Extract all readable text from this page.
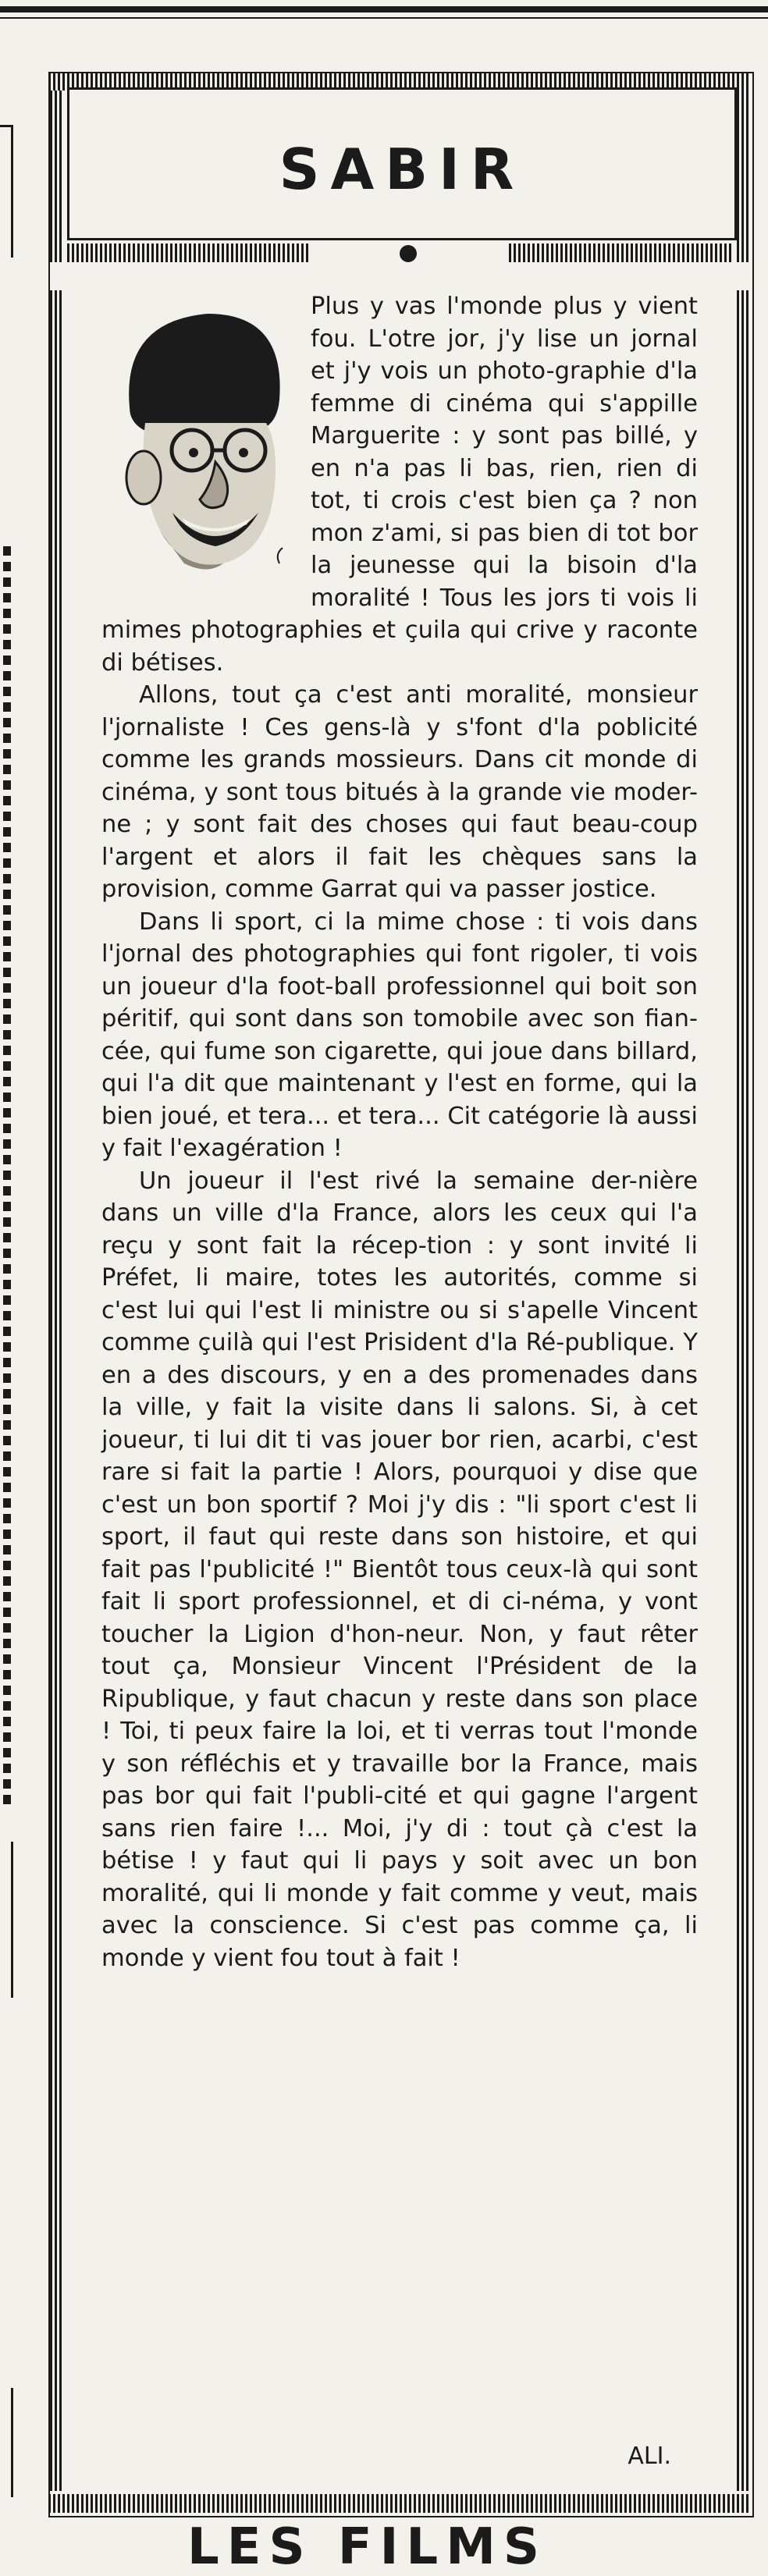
SABIR

Plus y vas l'monde plus y vient fou. L'otre jor, j'y lise un jornal et j'y vois un photo-graphie d'la femme di cinéma qui s'appille Marguerite : y sont pas billé, y en n'a pas li bas, rien, rien di tot, ti crois c'est bien ça ? non mon z'ami, si pas bien di tot bor la jeunesse qui la bisoin d'la moralité ! Tous les jors ti vois li mimes photographies et çuila qui crive y raconte di bétises.

Allons, tout ça c'est anti moralité, monsieur l'jornaliste ! Ces gens-là y s'font d'la poblicité comme les grands mossieurs. Dans cit monde di cinéma, y sont tous bitués à la grande vie moder-ne ; y sont fait des choses qui faut beau-coup l'argent et alors il fait les chèques sans la provision, comme Garrat qui va passer jostice.

Dans li sport, ci la mime chose : ti vois dans l'jornal des photographies qui font rigoler, ti vois un joueur d'la foot-ball professionnel qui boit son péritif, qui sont dans son tomobile avec son fian-cée, qui fume son cigarette, qui joue dans billard, qui l'a dit que maintenant y l'est en forme, qui la bien joué, et tera... et tera... Cit catégorie là aussi y fait l'exagération !

Un joueur il l'est rivé la semaine der-nière dans un ville d'la France, alors les ceux qui l'a reçu y sont fait la récep-tion : y sont invité li Préfet, li maire, totes les autorités, comme si c'est lui qui l'est li ministre ou si s'apelle Vincent comme çuilà qui l'est Prisident d'la Ré-publique. Y en a des discours, y en a des promenades dans la ville, y fait la visite dans li salons. Si, à cet joueur, ti lui dit ti vas jouer bor rien, acarbi, c'est rare si fait la partie ! Alors, pourquoi y dise que c'est un bon sportif ? Moi j'y dis : "li sport c'est li sport, il faut qui reste dans son histoire, et qui fait pas l'publicité !" Bientôt tous ceux-là qui sont fait li sport professionnel, et di ci-néma, y vont toucher la Ligion d'hon-neur. Non, y faut rêter tout ça, Monsieur Vincent l'Président de la Ripublique, y faut chacun y reste dans son place ! Toi, ti peux faire la loi, et ti verras tout l'monde y son réfléchis et y travaille bor la France, mais pas bor qui fait l'publi-cité et qui gagne l'argent sans rien faire !... Moi, j'y di : tout çà c'est la bétise ! y faut qui li pays y soit avec un bon moralité, qui li monde y fait comme y veut, mais avec la conscience. Si c'est pas comme ça, li monde y vient fou tout à fait !

ALI.
LES FILMS
